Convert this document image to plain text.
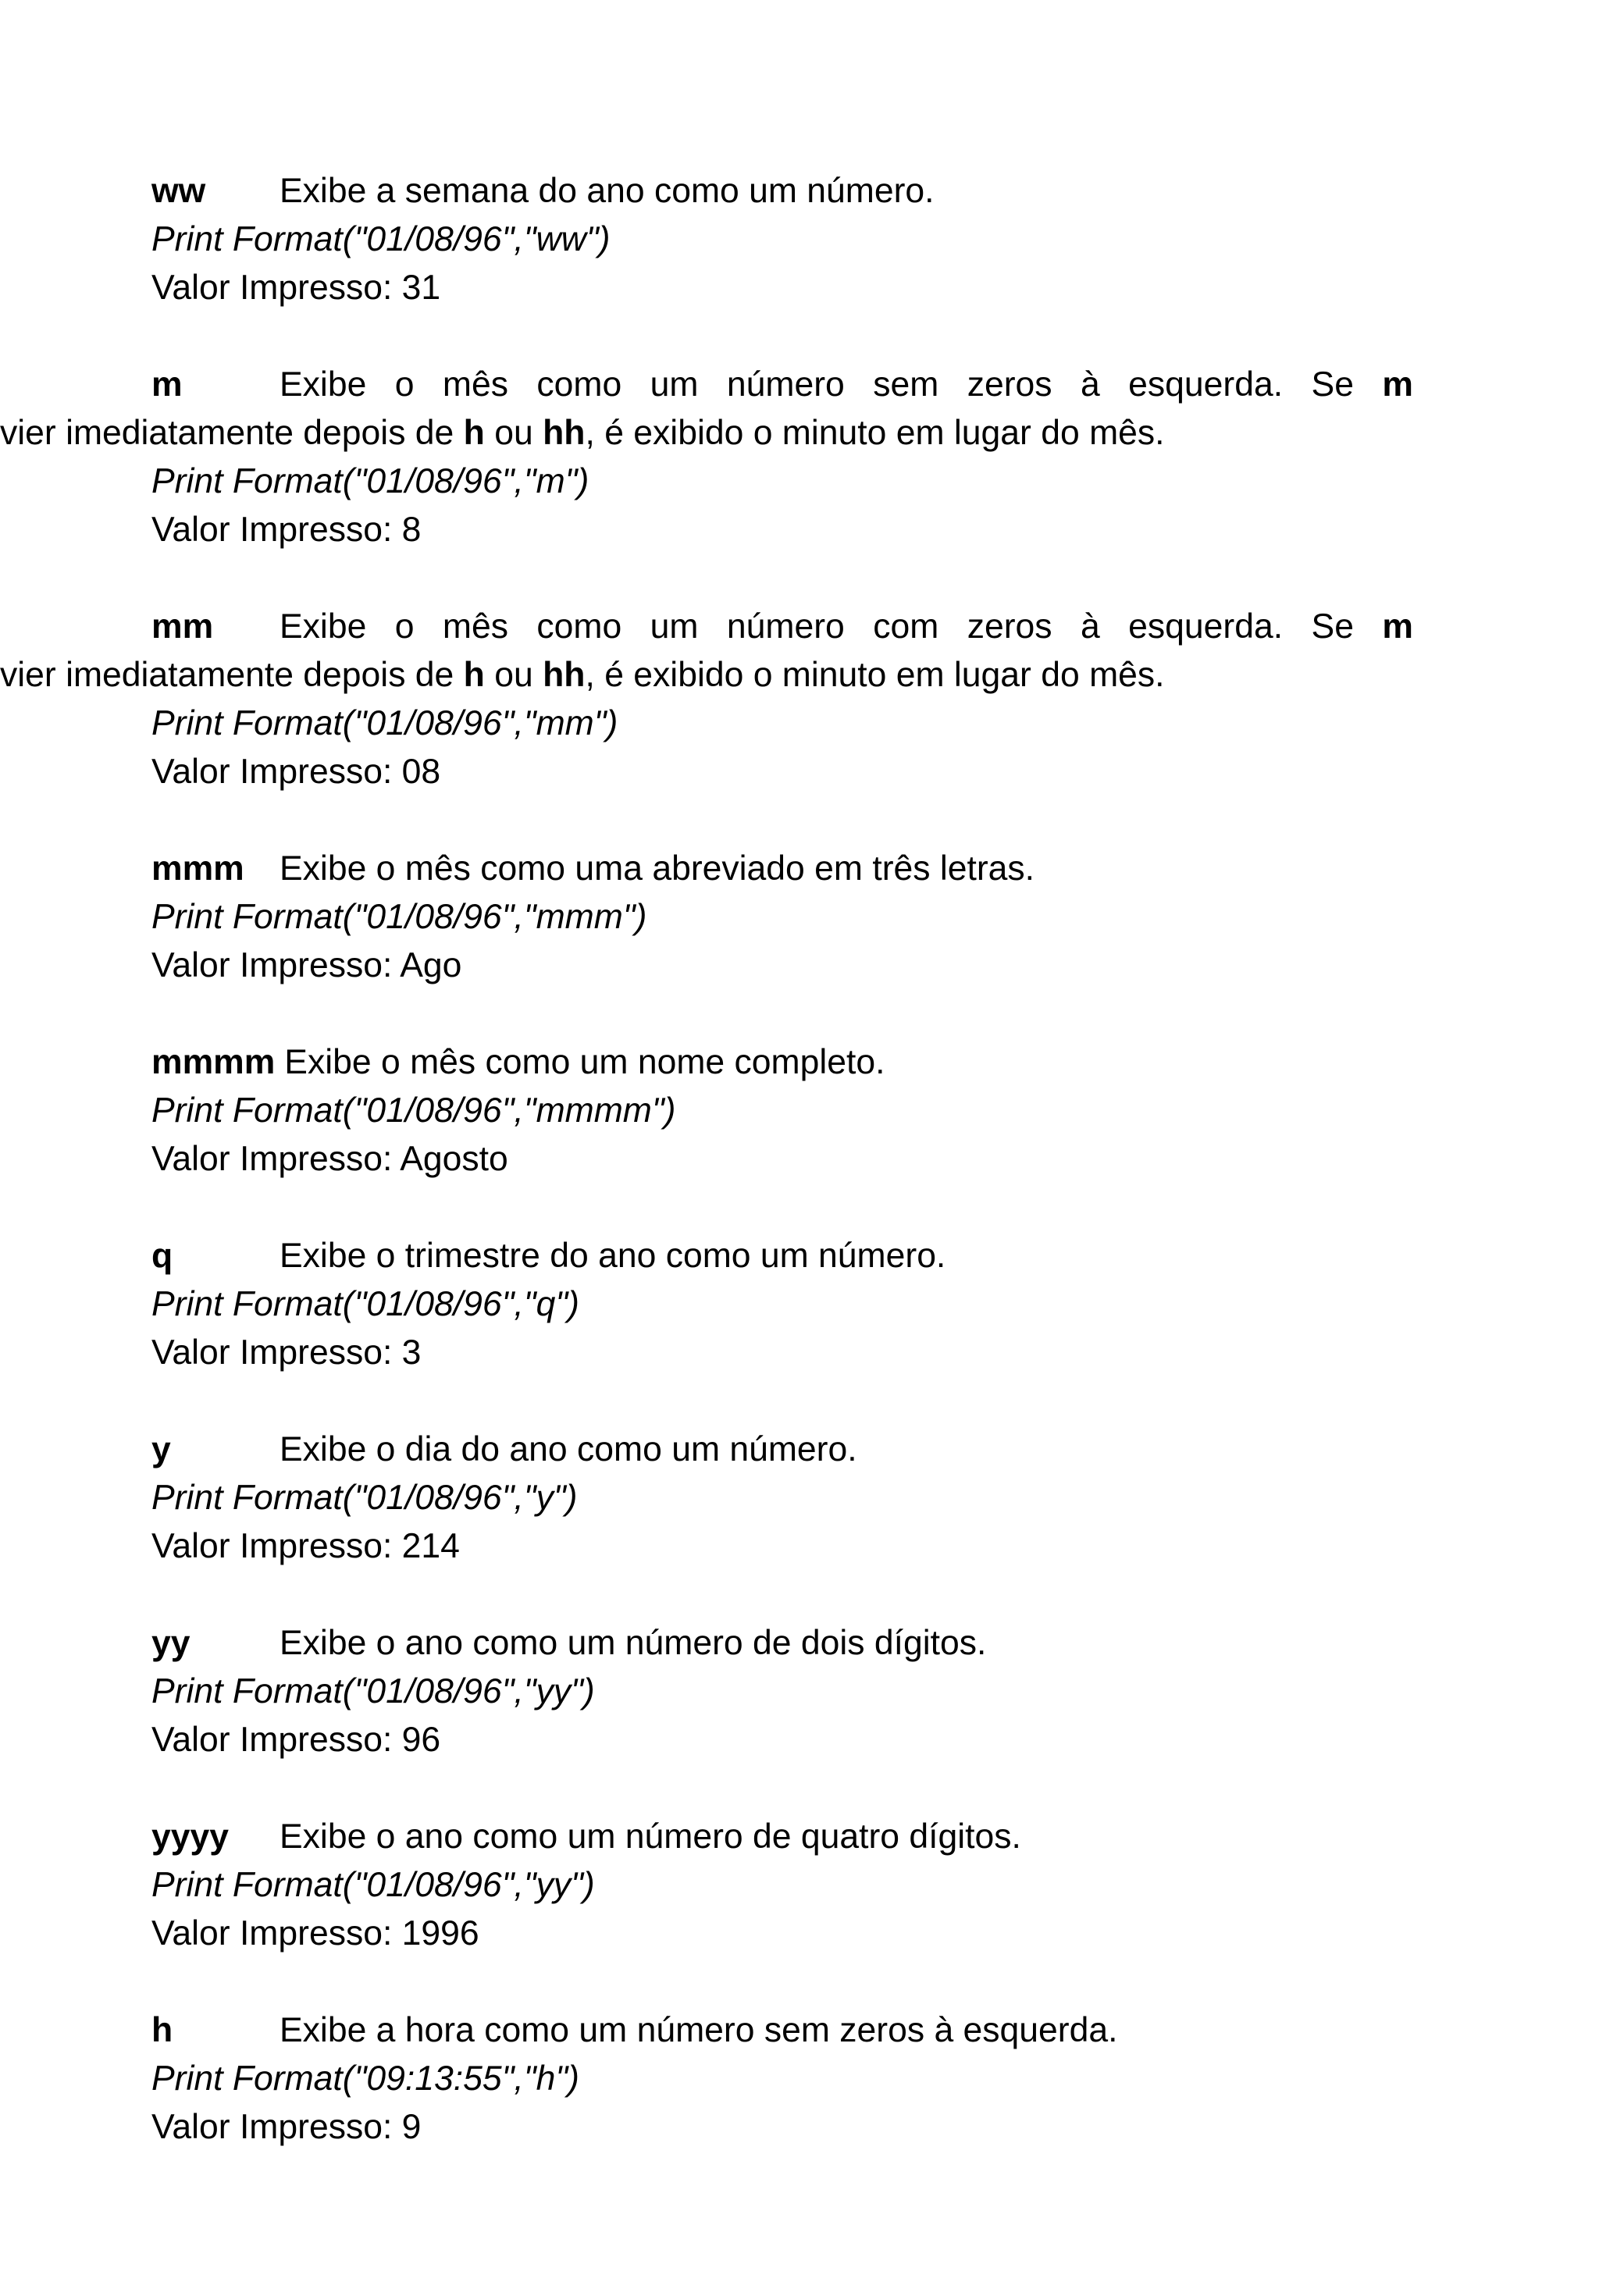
ww Exibe a semana do ano como um número.
Print Format("01/08/96","ww")
Valor Impresso: 31
m	Exibe o mês como um número sem zeros à esquerda. Se m
vier imediatamente depois de h ou hh, é exibido o minuto em lugar do mês.
Print Format("01/08/96","m")
Valor Impresso: 8
mm	Exibe o mês como um número com zeros à esquerda. Se m
vier imediatamente depois de h ou hh, é exibido o minuto em lugar do mês.
Print Format("01/08/96","mm")
Valor Impresso: 08
mmm Exibe o mês como uma abreviado em três letras.
Print Format("01/08/96","mmm")
Valor Impresso: Ago
mmmm Exibe o mês como um nome completo.
Print Format("01/08/96","mmmm")
Valor Impresso: Agosto
q	Exibe o trimestre do ano como um número.
Print Format("01/08/96","q")
Valor Impresso: 3
y	Exibe o dia do ano como um número.
Print Format("01/08/96","y")
Valor Impresso: 214
yy	Exibe o ano como um número de dois dígitos.
Print Format("01/08/96","yy")
Valor Impresso: 96
yyyy Exibe o ano como um número de quatro dígitos.
Print Format("01/08/96","yy")
Valor Impresso: 1996
h	Exibe a hora como um número sem zeros à esquerda.
Print Format("09:13:55","h")
Valor Impresso: 9
